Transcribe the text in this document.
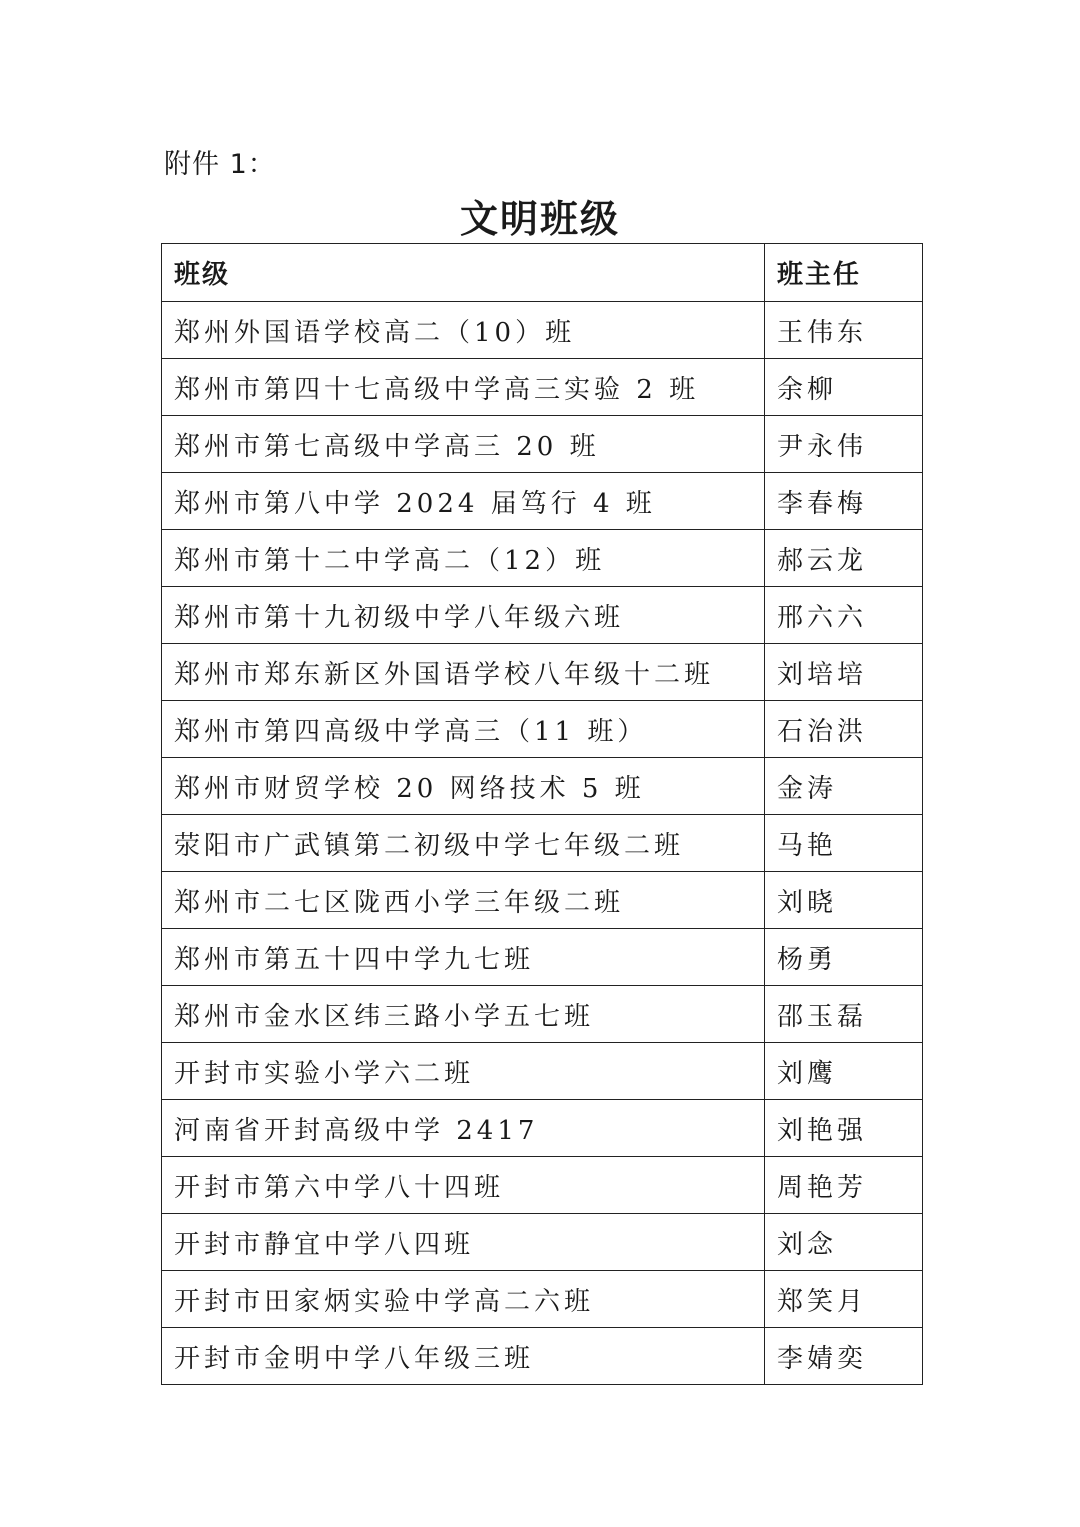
附件 1：
文明班级
班级	班主任
郑州外国语学校高二（10）班	王伟东
郑州市第四十七高级中学高三实验 2 班	余柳
郑州市第七高级中学高三 20 班	尹永伟
郑州市第八中学 2024 届笃行 4 班	李春梅
郑州市第十二中学高二（12）班	郝云龙
郑州市第十九初级中学八年级六班	邢六六
郑州市郑东新区外国语学校八年级十二班	刘培培
郑州市第四高级中学高三（11 班）	石治洪
郑州市财贸学校 20 网络技术 5 班	金涛
荥阳市广武镇第二初级中学七年级二班	马艳
郑州市二七区陇西小学三年级二班	刘晓
郑州市第五十四中学九七班	杨勇
郑州市金水区纬三路小学五七班	邵玉磊
开封市实验小学六二班	刘鹰
河南省开封高级中学 2417	刘艳强
开封市第六中学八十四班	周艳芳
开封市静宜中学八四班	刘念
开封市田家炳实验中学高二六班	郑笑月
开封市金明中学八年级三班	李婧奕
